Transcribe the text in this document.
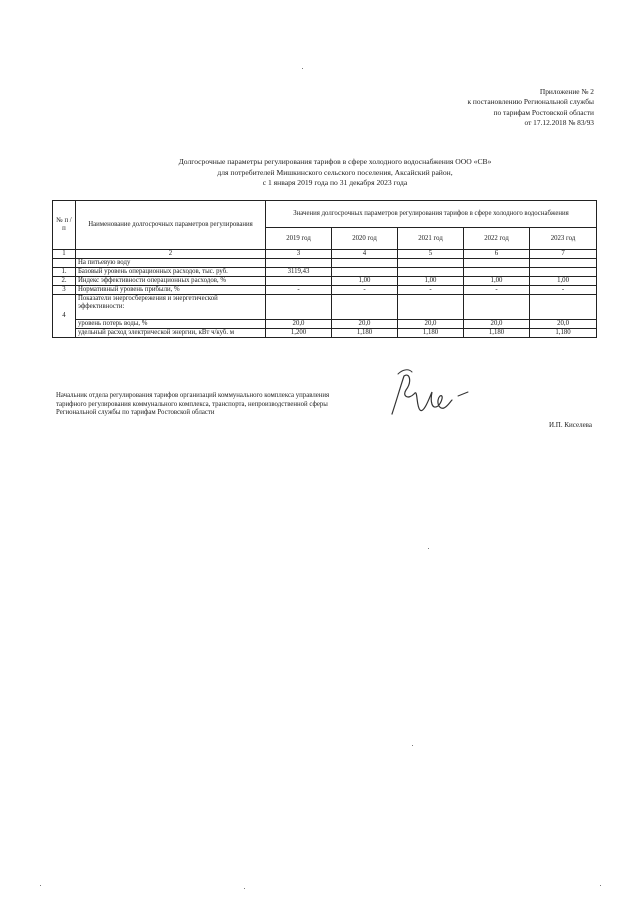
Приложение № 2
к постановлению Региональной службы
по тарифам Ростовской области
от 17.12.2018 № 83/93
Долгосрочные параметры регулирования тарифов в сфере холодного водоснабжения ООО «СВ»
для потребителей Мишкинского сельского поселения, Аксайский район,
с 1 января 2019 года по 31 декабря 2023 года
№ п /п	Наименование долгосрочных параметров регулирования	Значения долгосрочных параметров регулирования тарифов в сфере холодного водоснабжения				
		2019 год	2020 год	2021 год	2022 год	2023 год
1	2	3	4	5	6	7
	На питьевую воду					
1.	Базовый уровень операционных расходов, тыс. руб.	3119,43				
2.	Индекс эффективности операционных расходов, %		1,00	1,00	1,00	1,00
3	Нормативный уровень прибыли, %	-	-	-	-	-
4	Показатели энергосбережения и энергетической эффективности:					
	уровень потерь воды, %	20,0	20,0	20,0	20,0	20,0
	удельный расход электрической энергии, кВт ч/куб. м	1,200	1,180	1,180	1,180	1,180
Начальник отдела регулирования тарифов организаций коммунального комплекса управления тарифного регулирования коммунального комплекса, транспорта, непроизводственной сферы Региональной службы по тарифам Ростовской области
И.П. Киселева
